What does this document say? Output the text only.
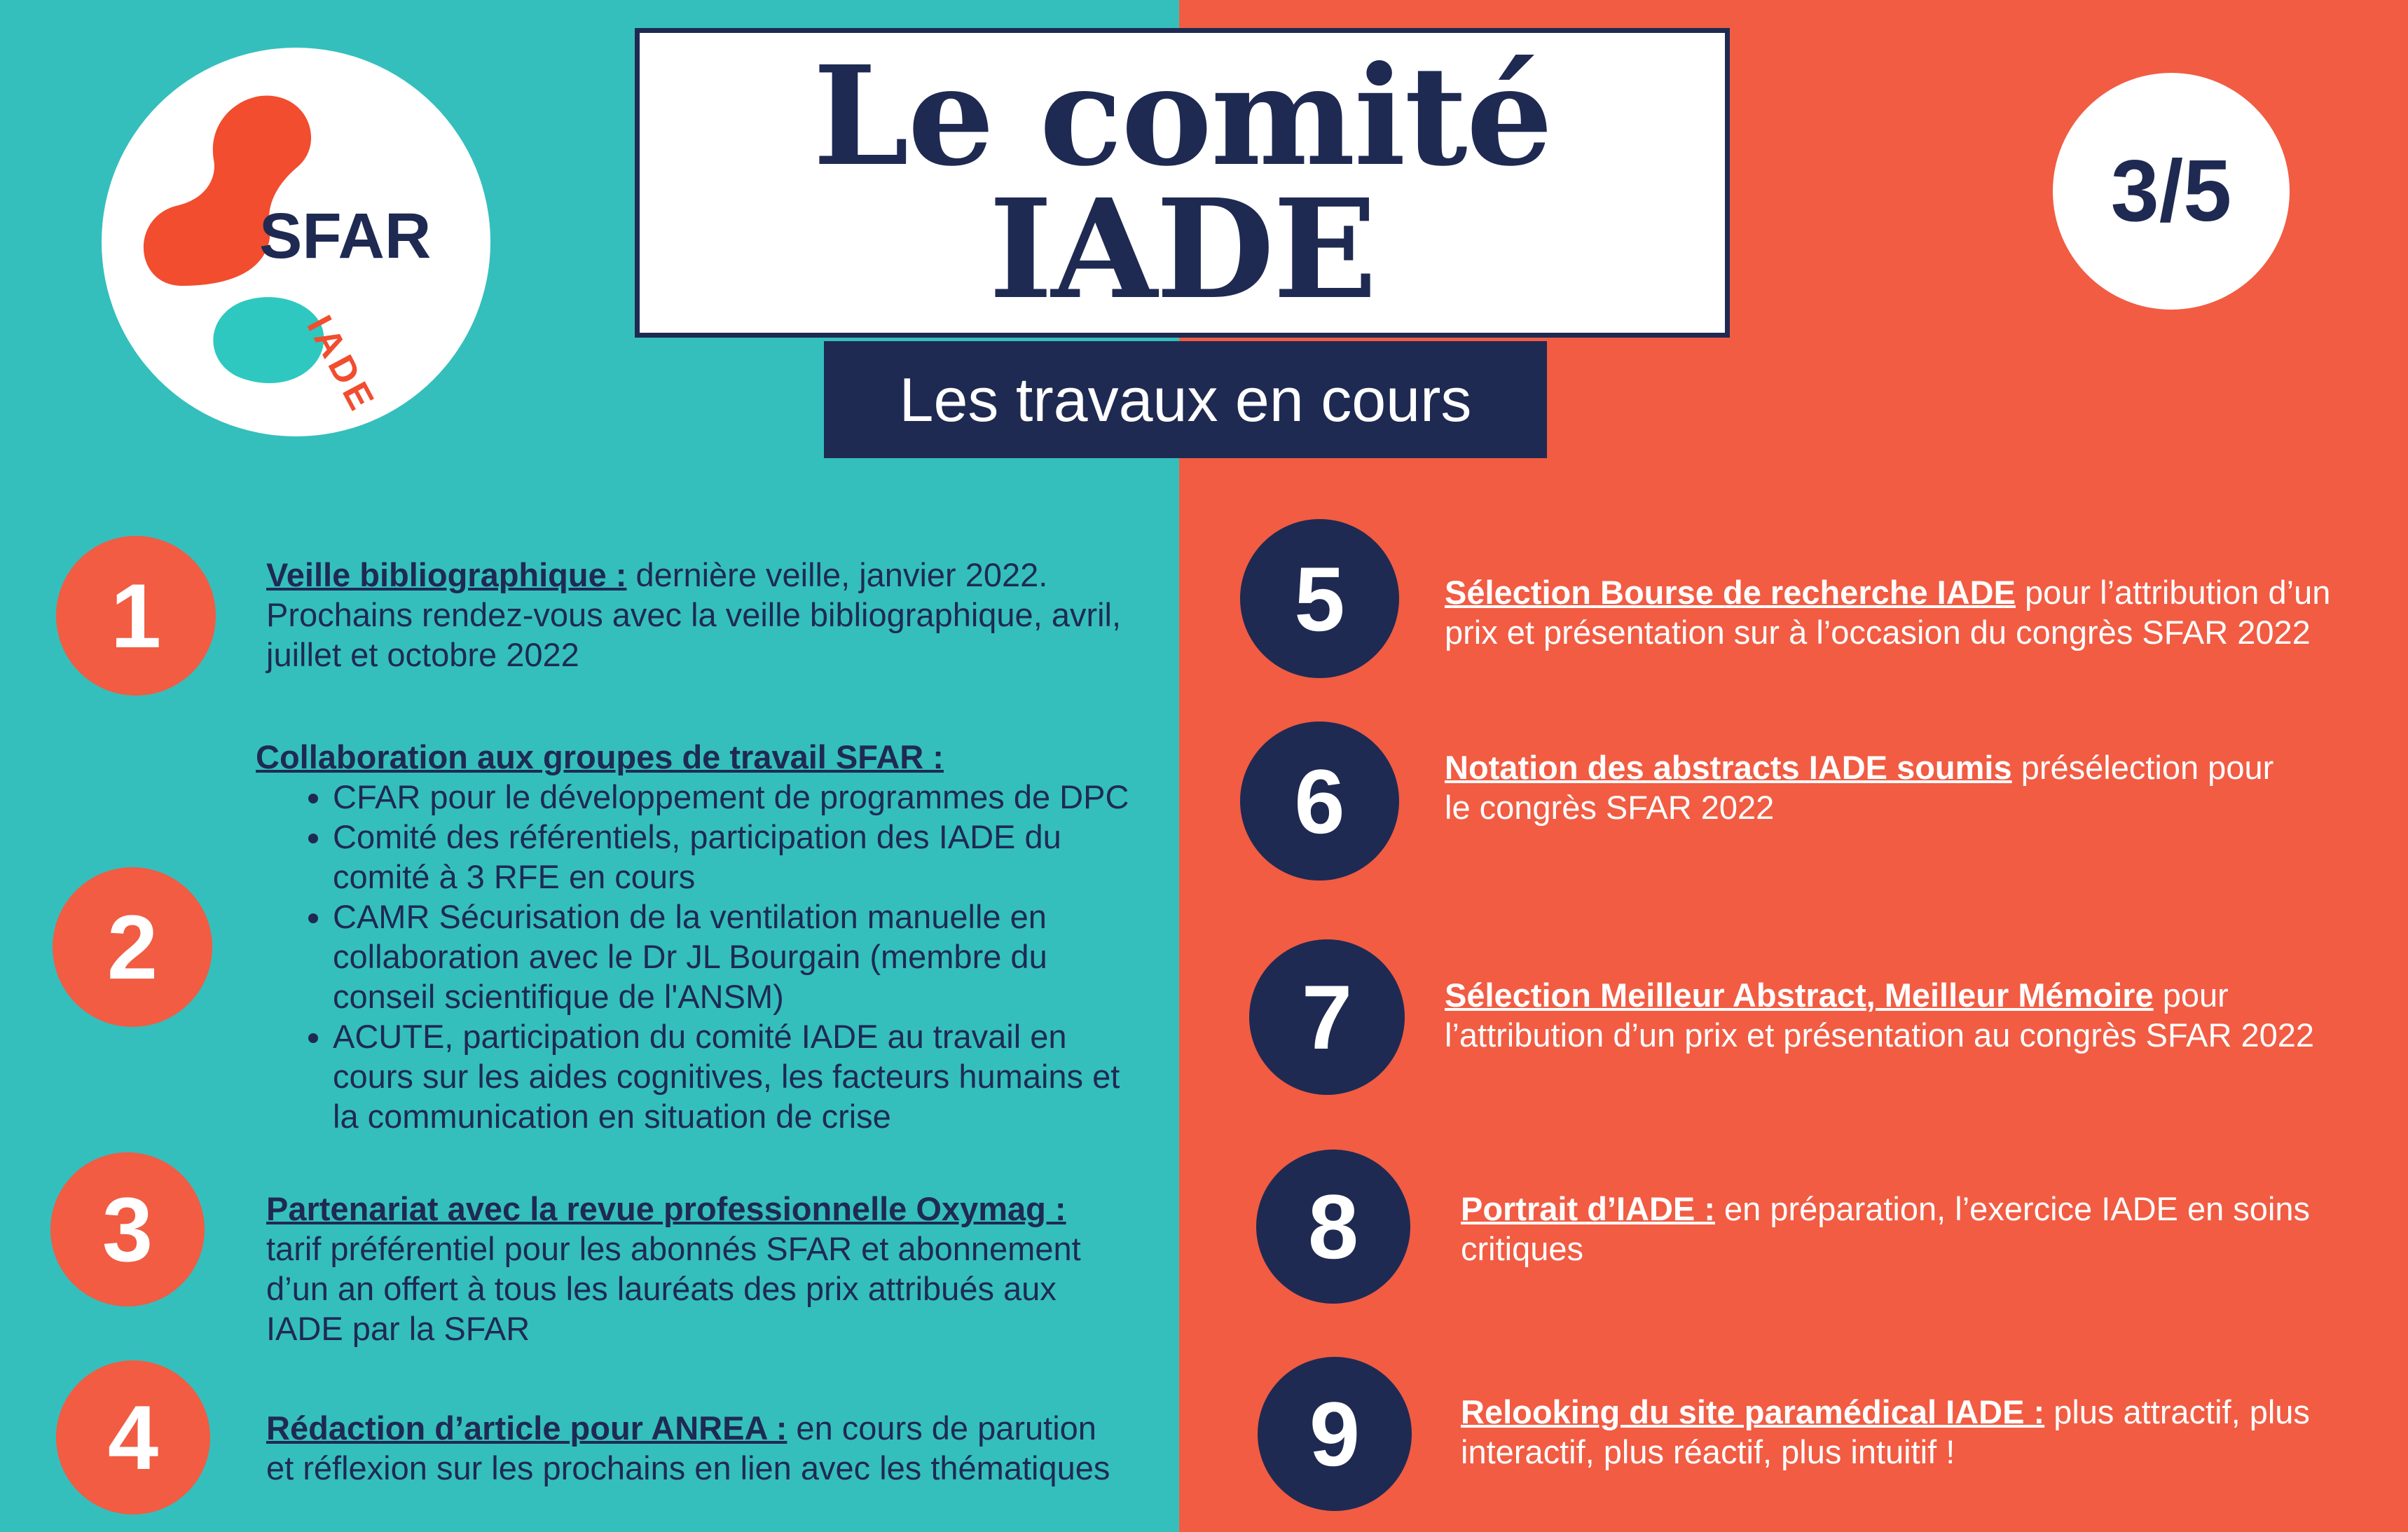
SFAR
IADE
3/5
Le comité
IADE
Les travaux en cours
1
2
3
4
5
6
7
8
9
Veille bibliographique : dernière veille, janvier 2022. Prochains rendez-vous avec la veille bibliographique, avril, juillet et octobre 2022
Collaboration aux groupes de travail SFAR :
• CFAR pour le développement de programmes de DPC
• Comité des référentiels, participation des IADE du comité à 3 RFE en cours
• CAMR Sécurisation de la ventilation manuelle en collaboration avec le Dr JL Bourgain (membre du conseil scientifique de l'ANSM)
• ACUTE, participation du comité IADE au travail en cours sur les aides cognitives, les facteurs humains et la communication en situation de crise
Partenariat avec la revue professionnelle Oxymag : tarif préférentiel pour les abonnés SFAR et abonnement d’un an offert à tous les lauréats des prix attribués aux IADE par la SFAR
Rédaction d’article pour ANREA : en cours de parution et réflexion sur les prochains en lien avec les thématiques
Sélection Bourse de recherche IADE pour l’attribution d’un prix et présentation sur à l’occasion du congrès SFAR 2022
Notation des abstracts IADE soumis présélection pour le congrès SFAR 2022
Sélection Meilleur Abstract, Meilleur Mémoire pour l’attribution d’un prix et présentation au congrès SFAR 2022
Portrait d’IADE : en préparation, l’exercice IADE en soins critiques
Relooking du site paramédical IADE : plus attractif, plus interactif, plus réactif, plus intuitif !
